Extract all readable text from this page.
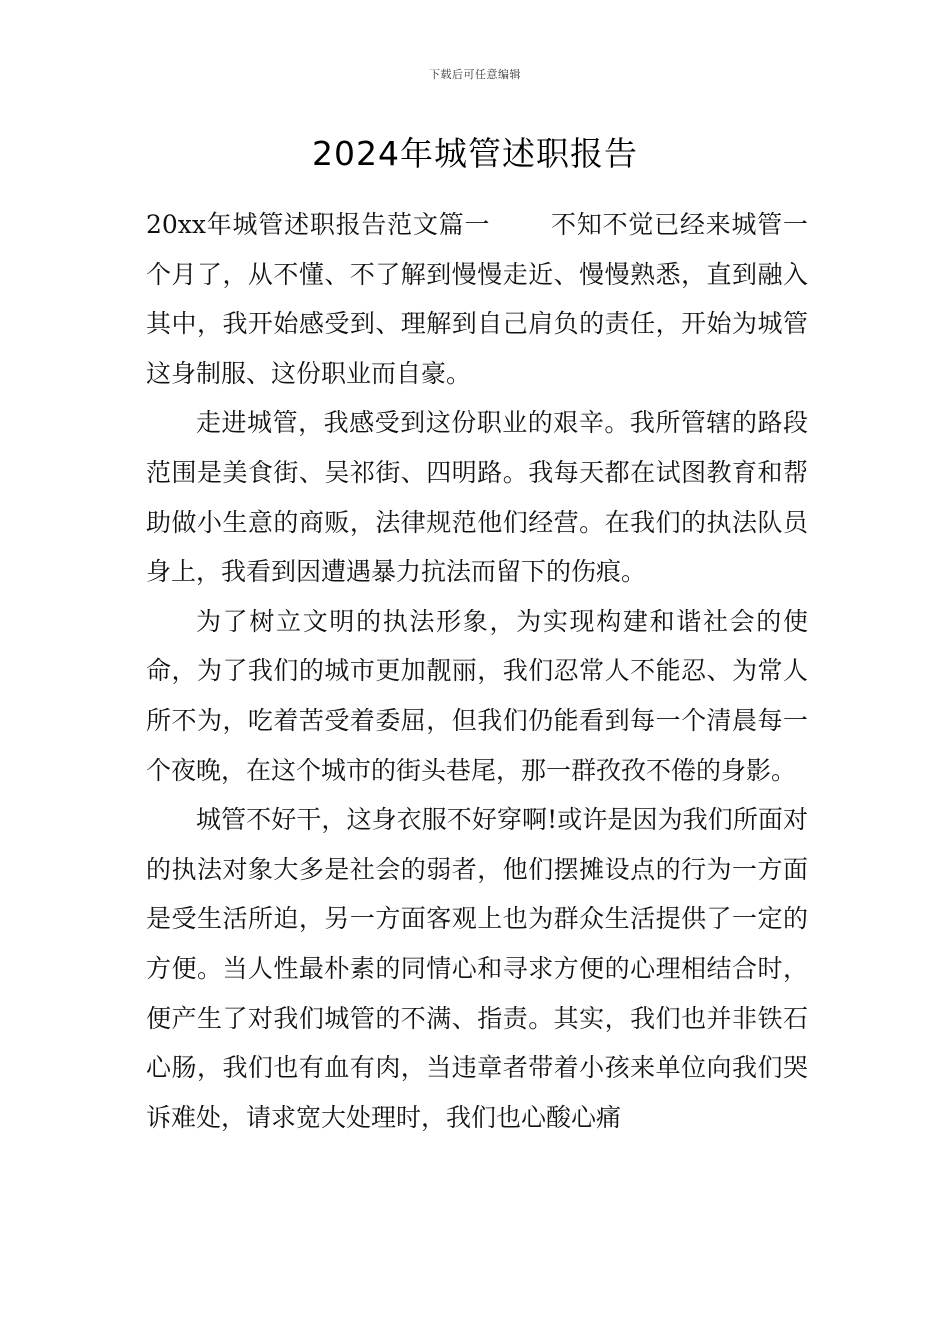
下载后可任意编辑
2024年城管述职报告

20xx年城管述职报告范文篇一 不知不觉已经来城管一个月了，从不懂、不了解到慢慢走近、慢慢熟悉，直到融入其中，我开始感受到、理解到自己肩负的责任，开始为城管这身制服、这份职业而自豪。

走进城管，我感受到这份职业的艰辛。我所管辖的路段范围是美食街、吴祁街、四明路。我每天都在试图教育和帮助做小生意的商贩，法律规范他们经营。在我们的执法队员身上，我看到因遭遇暴力抗法而留下的伤痕。

为了树立文明的执法形象，为实现构建和谐社会的使命，为了我们的城市更加靓丽，我们忍常人不能忍、为常人所不为，吃着苦受着委屈，但我们仍能看到每一个清晨每一个夜晚，在这个城市的街头巷尾，那一群孜孜不倦的身影。

城管不好干，这身衣服不好穿啊!或许是因为我们所面对的执法对象大多是社会的弱者，他们摆摊设点的行为一方面是受生活所迫，另一方面客观上也为群众生活提供了一定的方便。当人性最朴素的同情心和寻求方便的心理相结合时，便产生了对我们城管的不满、指责。其实，我们也并非铁石心肠，我们也有血有肉，当违章者带着小孩来单位向我们哭诉难处，请求宽大处理时，我们也心酸心痛
